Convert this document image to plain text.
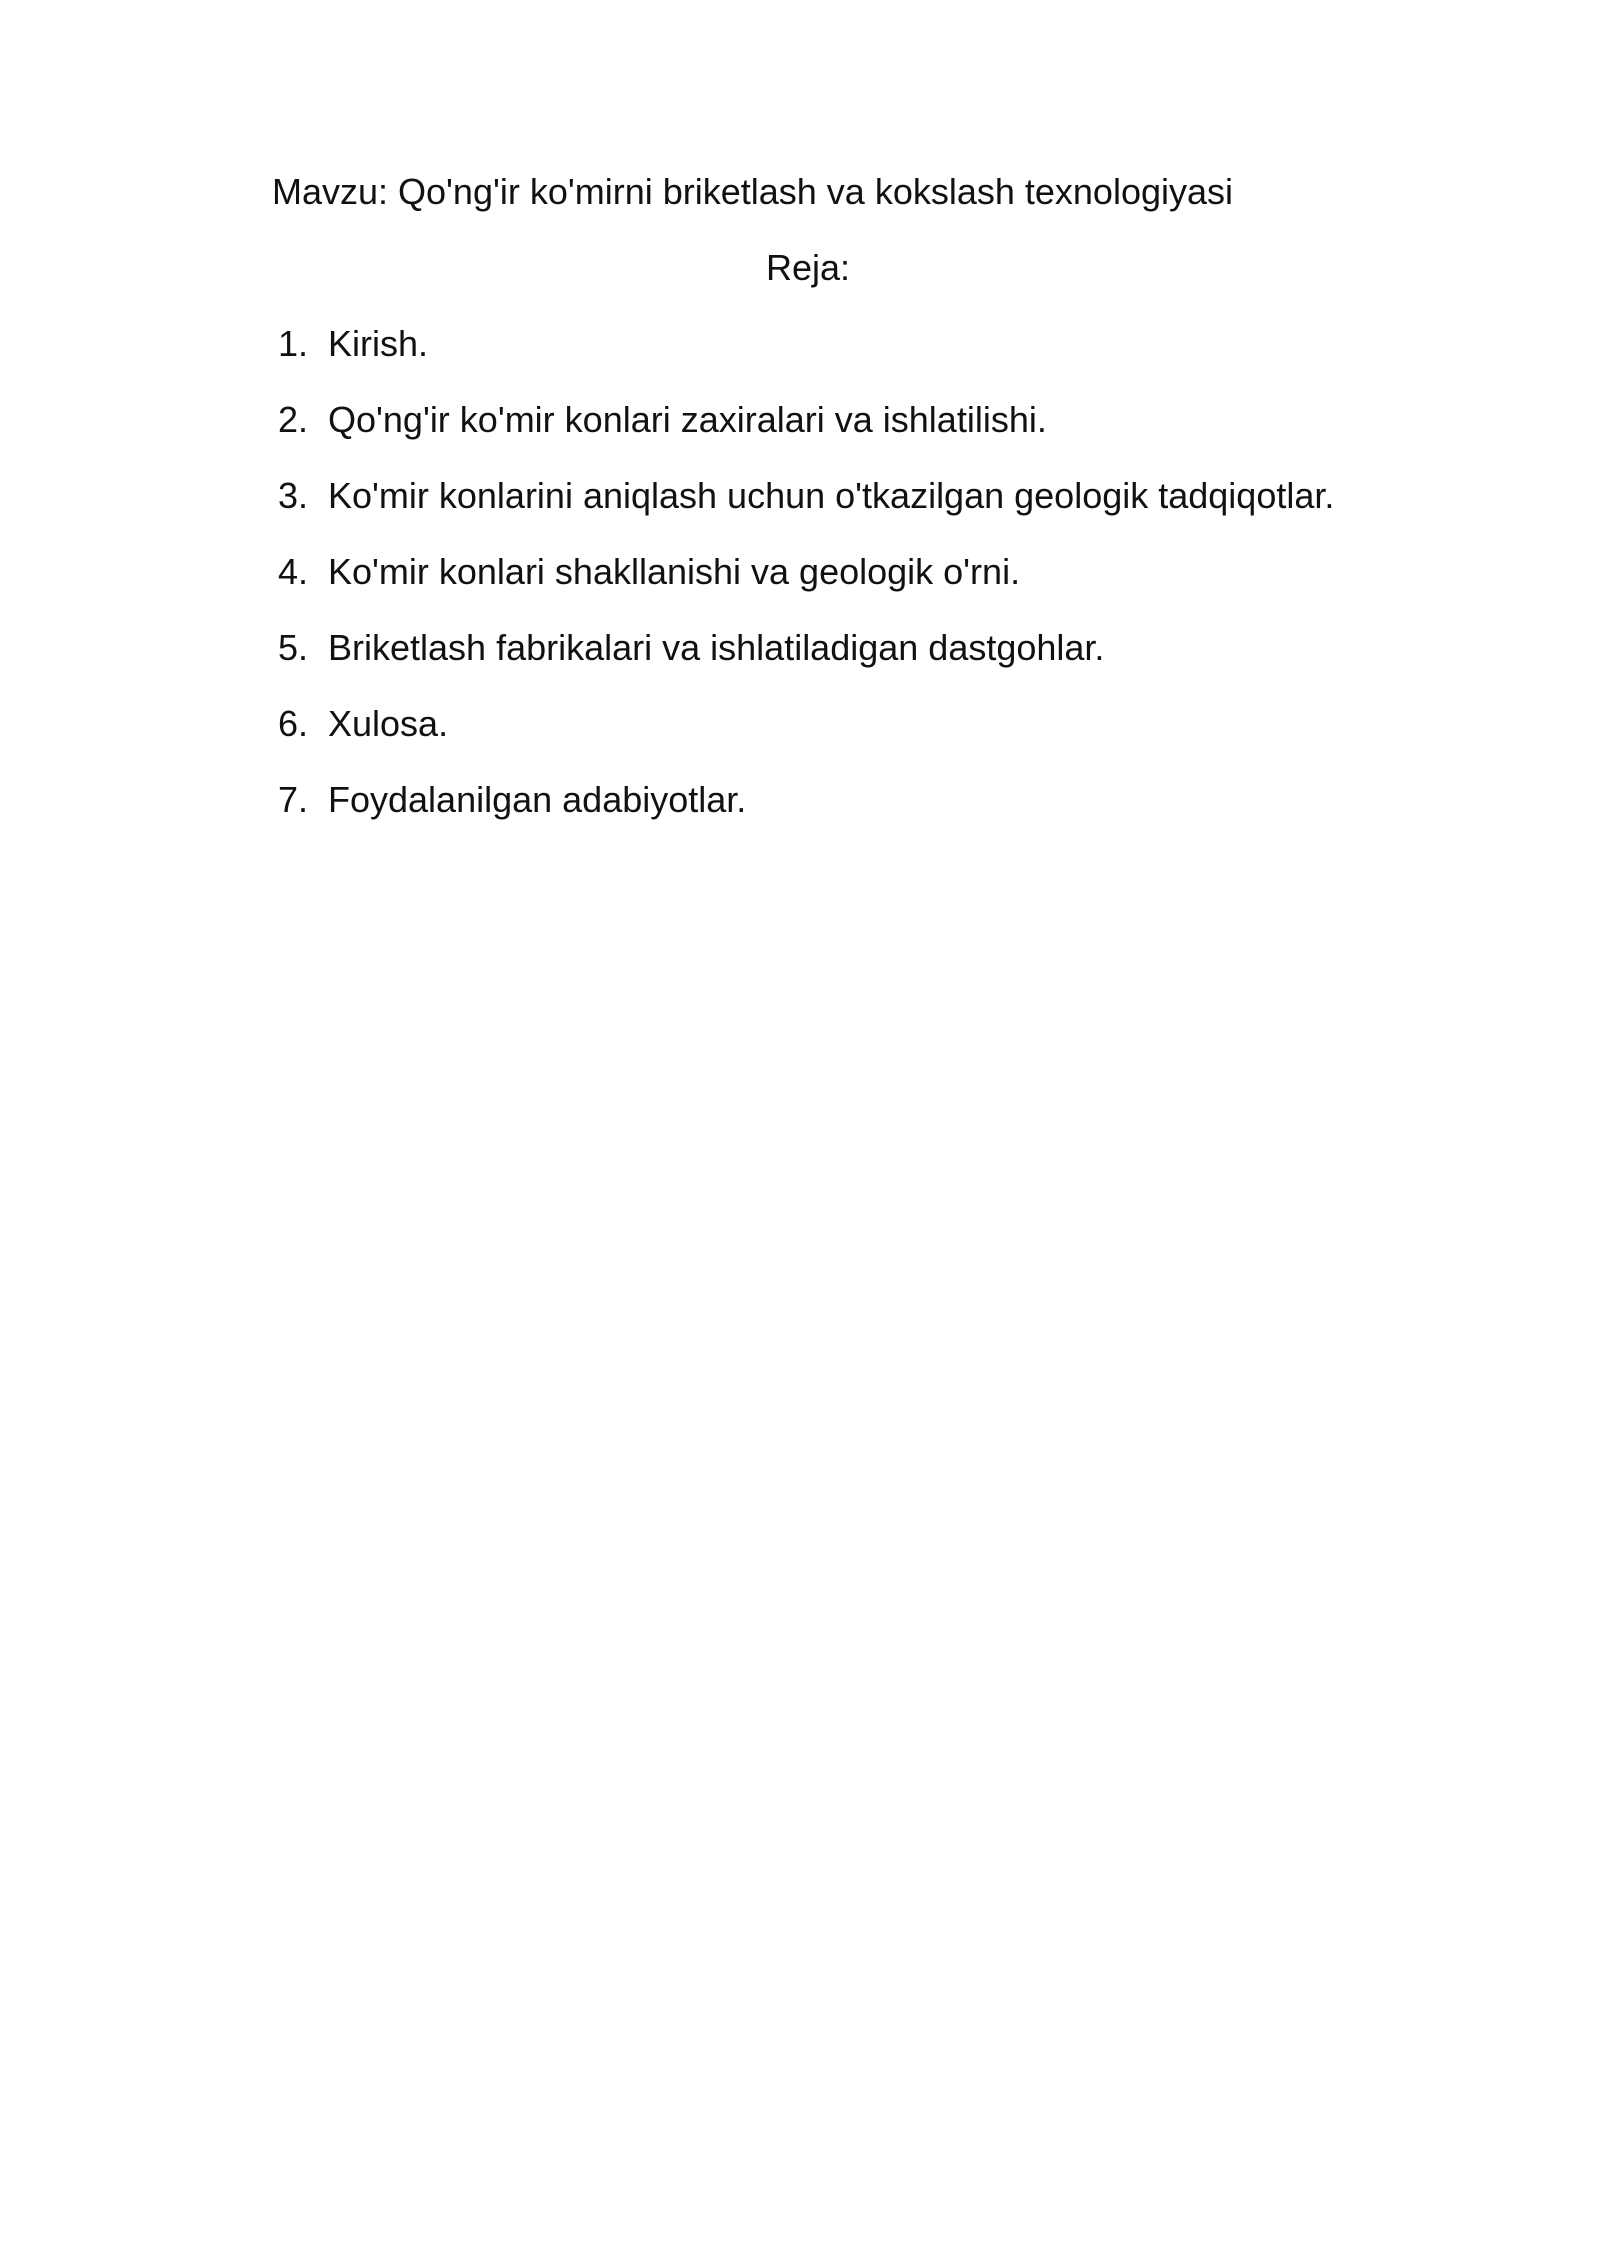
Mavzu: Qo'ng'ir ko'mirni briketlash va kokslash texnologiyasi
Reja:
1. Kirish.
2. Qo'ng'ir ko'mir konlari zaxiralari va ishlatilishi.
3. Ko'mir konlarini aniqlash uchun o'tkazilgan geologik tadqiqotlar.
4. Ko'mir konlari shakllanishi va geologik o'rni.
5. Briketlash fabrikalari va ishlatiladigan dastgohlar.
6. Xulosa.
7. Foydalanilgan adabiyotlar.
